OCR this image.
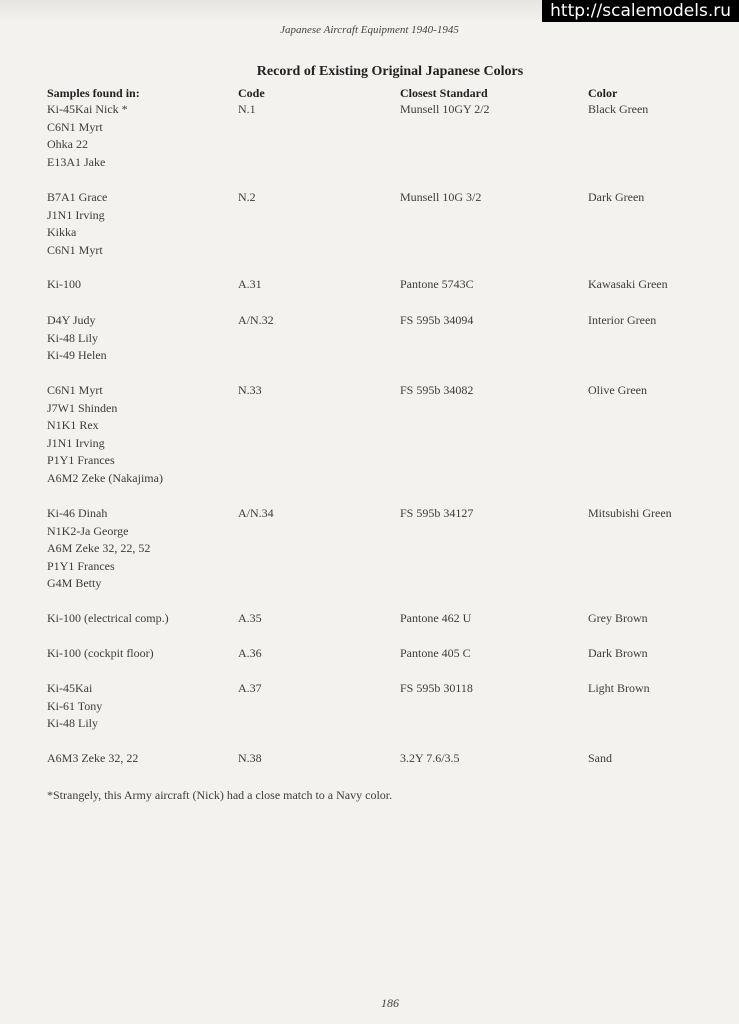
http://scalemodels.ru
Japanese Aircraft Equipment 1940-1945
Record of Existing Original Japanese Colors
Samples found in:	Code	Closest Standard	Color
Ki-45Kai Nick *
C6N1 Myrt
Ohka 22
E13A1 Jake
N.1	Munsell 10GY 2/2	Black Green
B7A1 Grace
J1N1 Irving
Kikka
C6N1 Myrt
N.2	Munsell 10G 3/2	Dark Green
Ki-100	A.31	Pantone 5743C	Kawasaki Green
D4Y Judy
Ki-48 Lily
Ki-49 Helen
A/N.32	FS 595b 34094	Interior Green
C6N1 Myrt
J7W1 Shinden
N1K1 Rex
J1N1 Irving
P1Y1 Frances
A6M2 Zeke (Nakajima)
N.33	FS 595b 34082	Olive Green
Ki-46 Dinah
N1K2-Ja George
A6M Zeke 32, 22, 52
P1Y1 Frances
G4M Betty
A/N.34	FS 595b 34127	Mitsubishi Green
Ki-100 (electrical comp.)	A.35	Pantone 462 U	Grey Brown
Ki-100 (cockpit floor)	A.36	Pantone 405 C	Dark Brown
Ki-45Kai
Ki-61 Tony
Ki-48 Lily
A.37	FS 595b 30118	Light Brown
A6M3 Zeke 32, 22	N.38	3.2Y 7.6/3.5	Sand
*Strangely, this Army aircraft (Nick) had a close match to a Navy color.
186
